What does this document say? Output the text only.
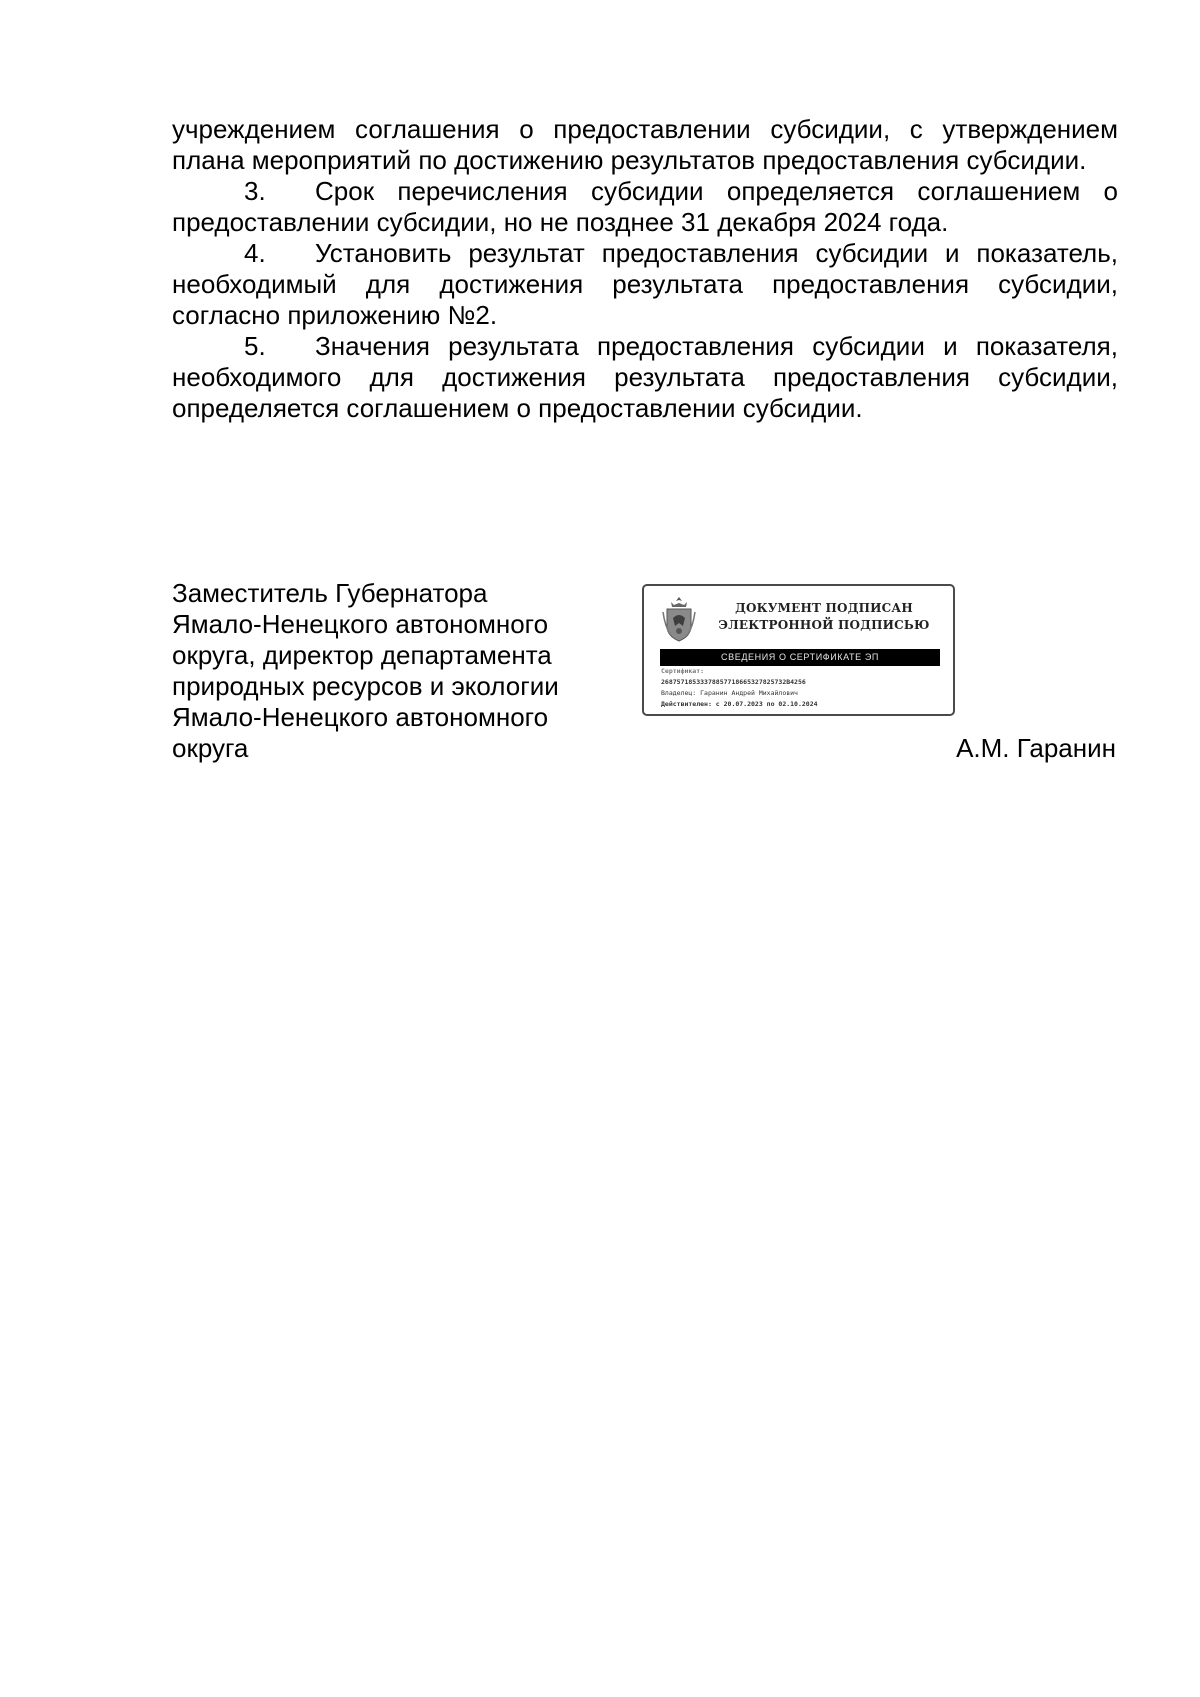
учреждением соглашения о предоставлении субсидии, с утверждением плана мероприятий по достижению результатов предоставления субсидии.

3. Срок перечисления субсидии определяется соглашением о предоставлении субсидии, но не позднее 31 декабря 2024 года.

4. Установить результат предоставления субсидии и показатель, необходимый для достижения результата предоставления субсидии, согласно приложению №2.

5. Значения результата предоставления субсидии и показателя, необходимого для достижения результата предоставления субсидии, определяется соглашением о предоставлении субсидии.

Заместитель Губернатора
Ямало-Ненецкого автономного
округа, директор департамента
природных ресурсов и экологии
Ямало-Ненецкого автономного
округа
ДОКУМЕНТ ПОДПИСАН
ЭЛЕКТРОННОЙ ПОДПИСЬЮ
СВЕДЕНИЯ О СЕРТИФИКАТЕ ЭП
Сертификат:
26875718533378857718665327825732B4256
Владелец: Гаранин Андрей Михайлович
Действителен: с 20.07.2023 по 02.10.2024
А.М. Гаранин
